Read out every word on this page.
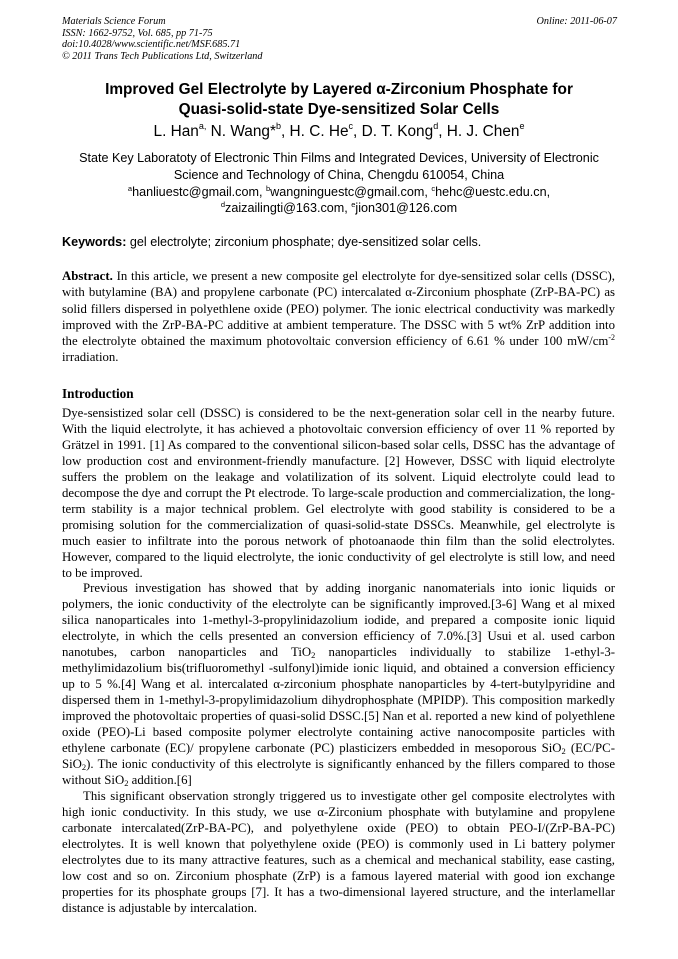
Materials Science Forum
ISSN: 1662-9752, Vol. 685, pp 71-75
doi:10.4028/www.scientific.net/MSF.685.71
© 2011 Trans Tech Publications Ltd, Switzerland
Online: 2011-06-07
Improved Gel Electrolyte by Layered α-Zirconium Phosphate for
Quasi-solid-state Dye-sensitized Solar Cells
L. Han$^{a,}$ N. Wang*$^b$, H. C. He$^c$, D. T. Kong$^d$, H. J. Chen$^e$
State Key Laboratoty of Electronic Thin Films and Integrated Devices, University of Electronic
Science and Technology of China, Chengdu 610054, China
$^a$hanliuestc@gmail.com, $^b$wangninguestc@gmail.com, $^c$hehc@uestc.edu.cn,
$^d$zaizailingti@163.com, $^e$jion301@126.com
Keywords: gel electrolyte; zirconium phosphate; dye-sensitized solar cells.
Abstract. In this article, we present a new composite gel electrolyte for dye-sensitized solar cells (DSSC), with butylamine (BA) and propylene carbonate (PC) intercalated α-Zirconium phosphate (ZrP-BA-PC) as solid fillers dispersed in polyethlene oxide (PEO) polymer. The ionic electrical conductivity was markedly improved with the ZrP-BA-PC additive at ambient temperature. The DSSC with 5 wt% ZrP addition into the electrolyte obtained the maximum photovoltaic conversion efficiency of 6.61 % under 100 $mW/cm^{-2}$ irradiation.
Introduction

Dye-sensistized solar cell (DSSC) is considered to be the next-generation solar cell in the nearby future. With the liquid electrolyte, it has achieved a photovoltaic conversion efficiency of over 11 % reported by Grätzel in 1991. [1] As compared to the conventional silicon-based solar cells, DSSC has the advantage of low production cost and environment-friendly manufacture. [2] However, DSSC with liquid electrolyte suffers the problem on the leakage and volatilization of its solvent. Liquid electrolyte could lead to decompose the dye and corrupt the Pt electrode. To large-scale production and commercialization, the long-term stability is a major technical problem. Gel electrolyte with good stability is considered to be a promising solution for the commercialization of quasi-solid-state DSSCs. Meanwhile, gel electrolyte is much easier to infiltrate into the porous network of photoanaode thin film than the solid electrolytes. However, compared to the liquid electrolyte, the ionic conductivity of gel electrolyte is still low, and need to be improved.

Previous investigation has showed that by adding inorganic nanomaterials into ionic liquids or polymers, the ionic conductivity of the electrolyte can be significantly improved.[3-6] Wang et al mixed silica nanoparticales into 1-methyl-3-propylinidazolium iodide, and prepared a composite ionic liquid electrolyte, in which the cells presented an conversion efficiency of 7.0%.[3] Usui et al. used carbon nanotubes, carbon nanoparticles and TiO$_2$ nanoparticles individually to stabilize 1-ethyl-3-methylimidazolium bis(trifluoromethyl -sulfonyl)imide ionic liquid, and obtained a conversion efficiency up to 5 %.[4] Wang et al. intercalated α-zirconium phosphate nanoparticles by 4-tert-butylpyridine and dispersed them in 1-methyl-3-propylimidazolium dihydrophosphate (MPIDP). This composition markedly improved the photovoltaic properties of quasi-solid DSSC.[5] Nan et al. reported a new kind of polyethlene oxide (PEO)-Li based composite polymer electrolyte containing active nanocomposite particles with ethylene carbonate (EC)/ propylene carbonate (PC) plasticizers embedded in mesoporous SiO$_2$ (EC/PC-SiO$_2$). The ionic conductivity of this electrolyte is significantly enhanced by the fillers compared to those without SiO$_2$ addition.[6]

This significant observation strongly triggered us to investigate other gel composite electrolytes with high ionic conductivity. In this study, we use α-Zirconium phosphate with butylamine and propylene carbonate intercalated(ZrP-BA-PC), and polyethylene oxide (PEO) to obtain PEO-I/(ZrP-BA-PC) electrolytes. It is well known that polyethylene oxide (PEO) is commonly used in Li battery polymer electrolytes due to its many attractive features, such as a chemical and mechanical stability, ease casting, low cost and so on. Zirconium phosphate (ZrP) is a famous layered material with good ion exchange properties for its phosphate groups [7]. It has a two-dimensional layered structure, and the interlamellar distance is adjustable by intercalation.
